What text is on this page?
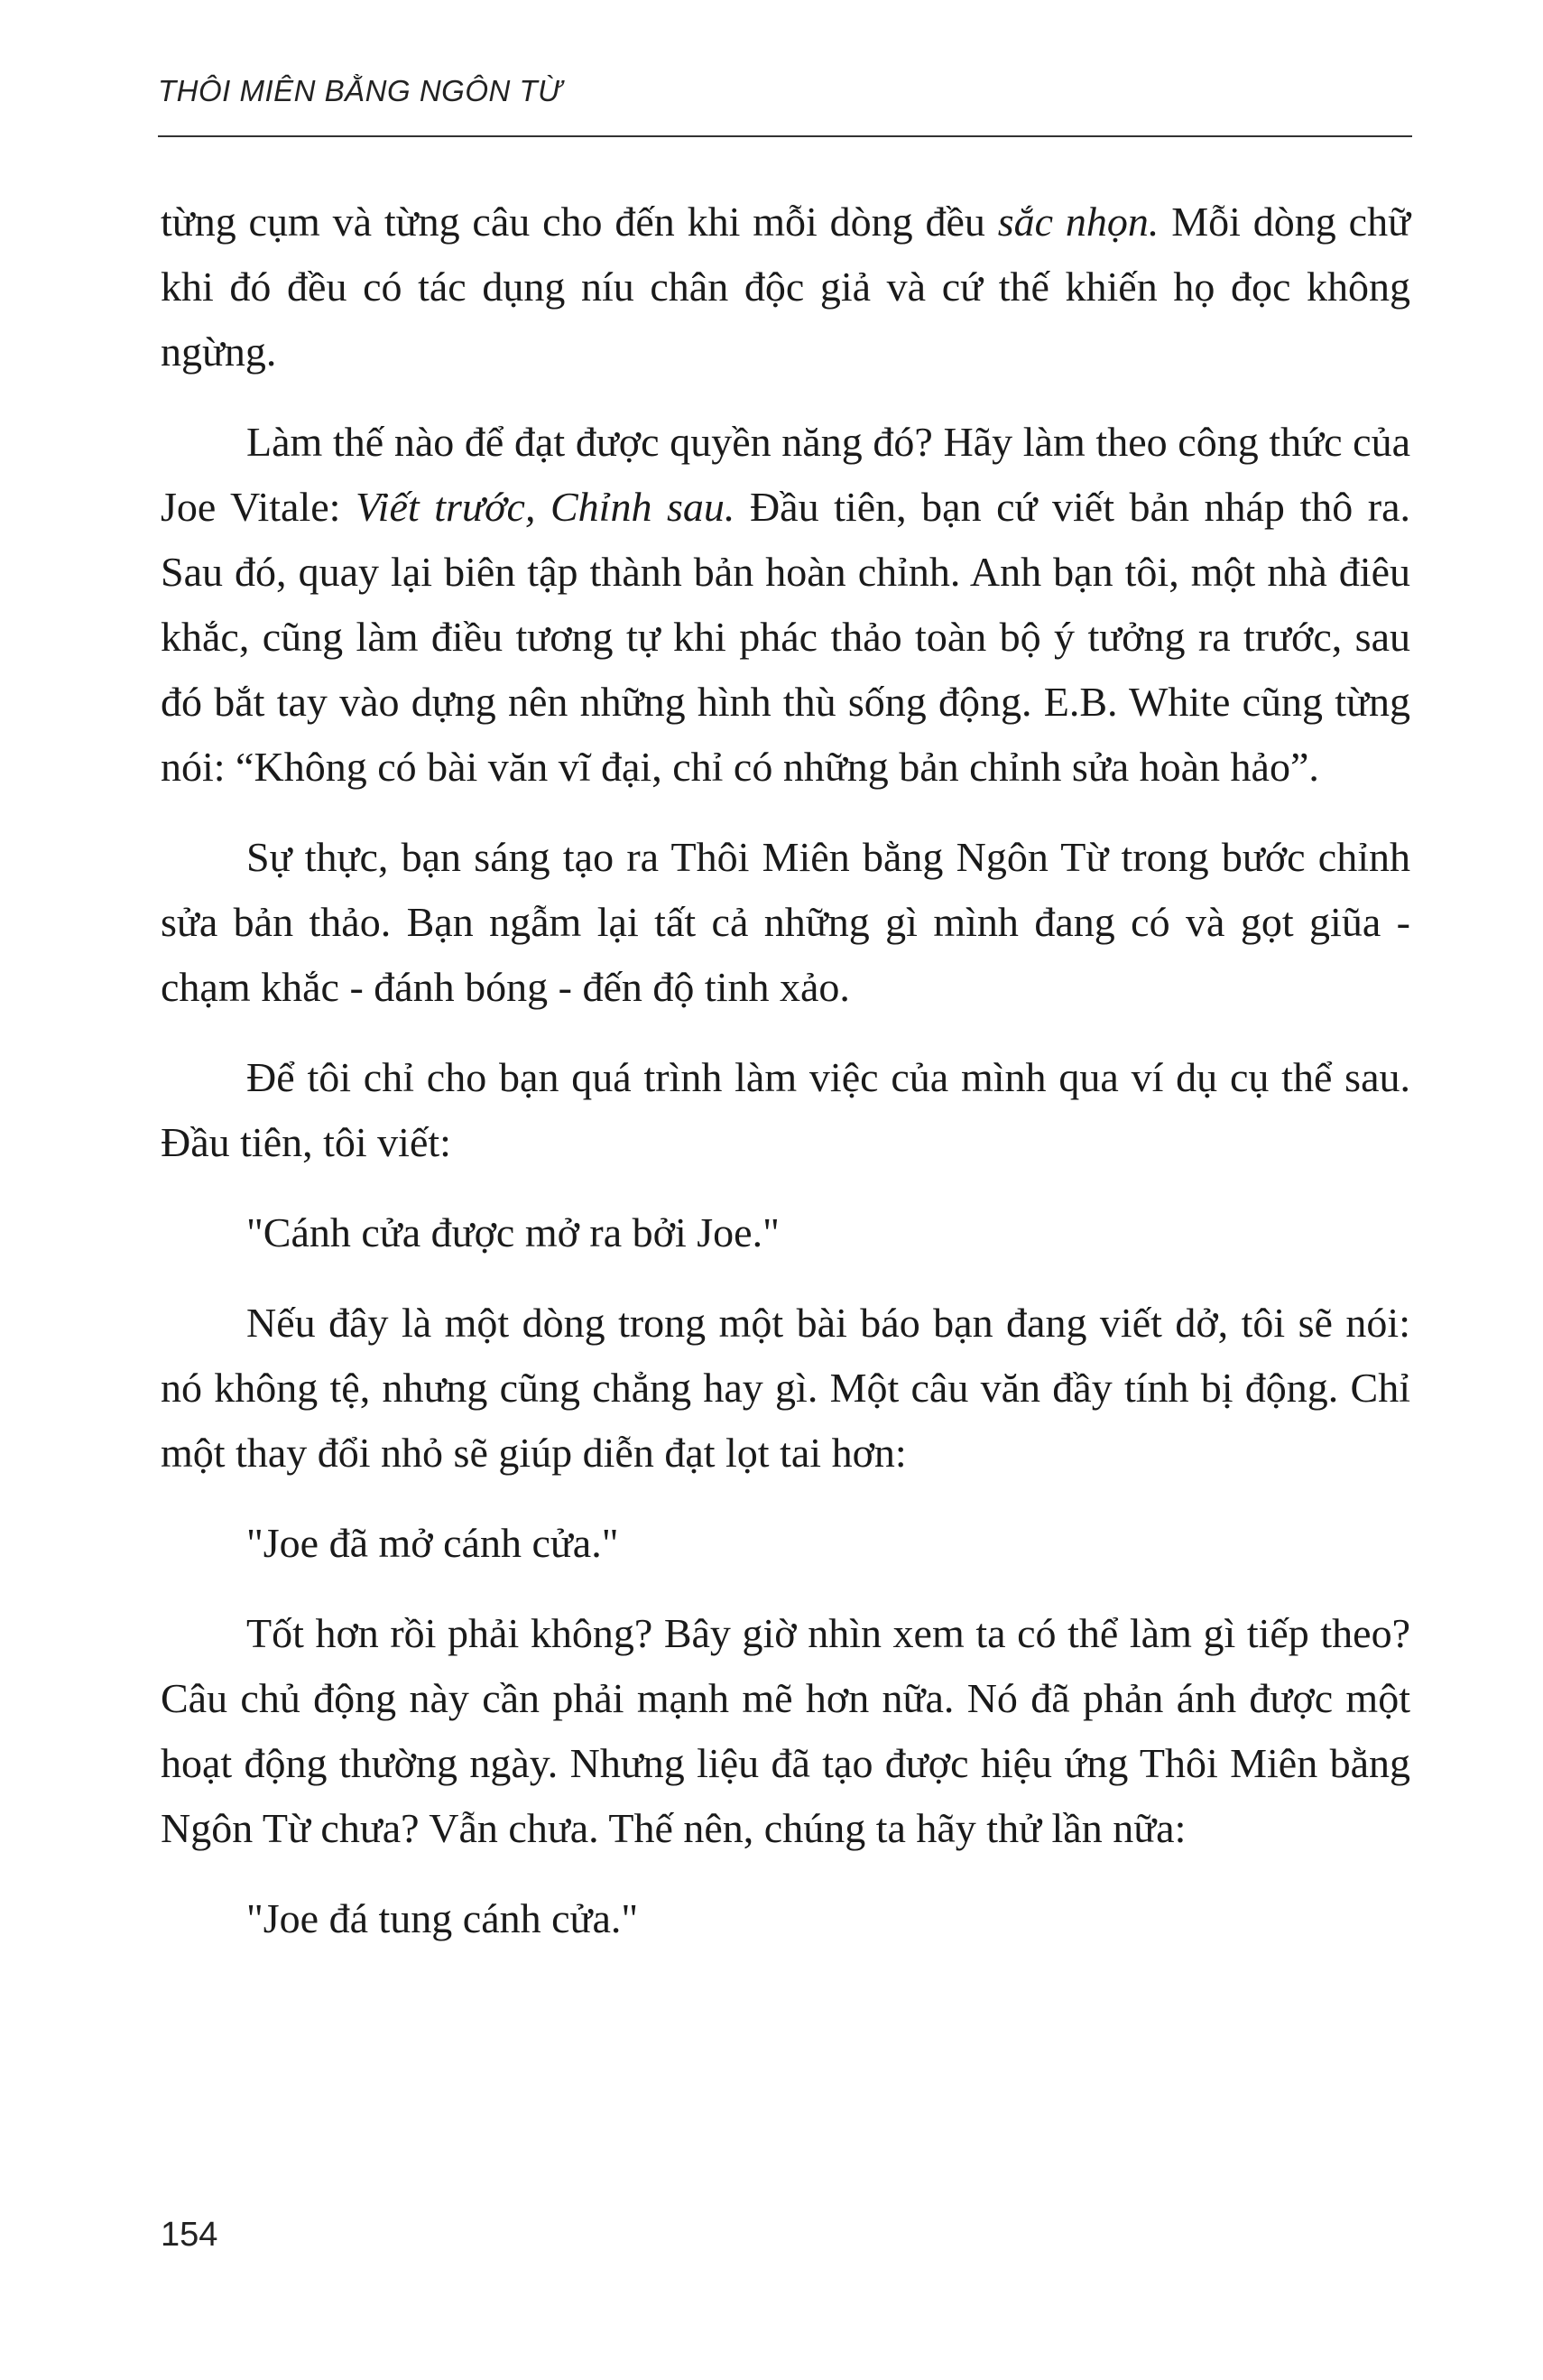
THÔI MIÊN BẰNG NGÔN TỪ

từng cụm và từng câu cho đến khi mỗi dòng đều sắc nhọn. Mỗi dòng chữ khi đó đều có tác dụng níu chân độc giả và cứ thế khiến họ đọc không ngừng.

Làm thế nào để đạt được quyền năng đó? Hãy làm theo công thức của Joe Vitale: Viết trước, Chỉnh sau. Đầu tiên, bạn cứ viết bản nháp thô ra. Sau đó, quay lại biên tập thành bản hoàn chỉnh. Anh bạn tôi, một nhà điêu khắc, cũng làm điều tương tự khi phác thảo toàn bộ ý tưởng ra trước, sau đó bắt tay vào dựng nên những hình thù sống động. E.B. White cũng từng nói: “Không có bài văn vĩ đại, chỉ có những bản chỉnh sửa hoàn hảo”.

Sự thực, bạn sáng tạo ra Thôi Miên bằng Ngôn Từ trong bước chỉnh sửa bản thảo. Bạn ngẫm lại tất cả những gì mình đang có và gọt giũa - chạm khắc - đánh bóng - đến độ tinh xảo.

Để tôi chỉ cho bạn quá trình làm việc của mình qua ví dụ cụ thể sau. Đầu tiên, tôi viết:

"Cánh cửa được mở ra bởi Joe."

Nếu đây là một dòng trong một bài báo bạn đang viết dở, tôi sẽ nói: nó không tệ, nhưng cũng chẳng hay gì. Một câu văn đầy tính bị động. Chỉ một thay đổi nhỏ sẽ giúp diễn đạt lọt tai hơn:

"Joe đã mở cánh cửa."

Tốt hơn rồi phải không? Bây giờ nhìn xem ta có thể làm gì tiếp theo? Câu chủ động này cần phải mạnh mẽ hơn nữa. Nó đã phản ánh được một hoạt động thường ngày. Nhưng liệu đã tạo được hiệu ứng Thôi Miên bằng Ngôn Từ chưa? Vẫn chưa. Thế nên, chúng ta hãy thử lần nữa:

"Joe đá tung cánh cửa."

154
